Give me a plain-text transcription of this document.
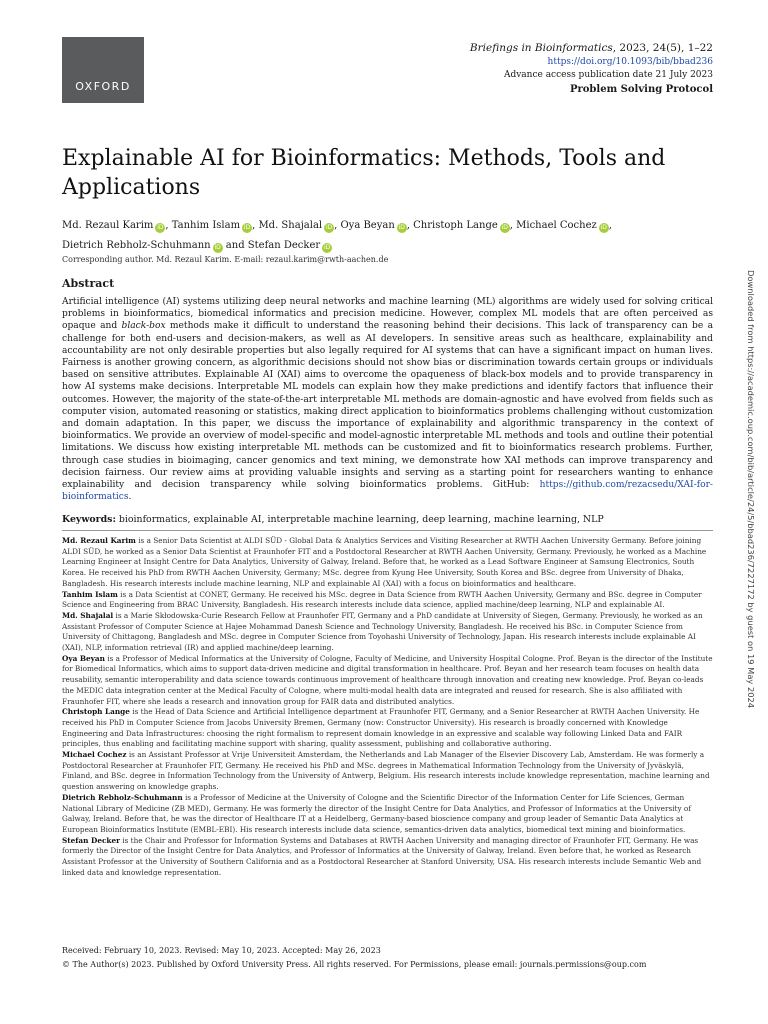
OXFORD
Briefings in Bioinformatics, 2023, 24(5), 1–22
https://doi.org/10.1093/bib/bbad236
Advance access publication date 21 July 2023
Problem Solving Protocol
Explainable AI for Bioinformatics: Methods, Tools and Applications
Md. Rezaul Karim iD , Tanhim Islam iD , Md. Shajalal iD , Oya Beyan iD , Christoph Lange iD , Michael Cochez iD ,
Dietrich Rebholz-Schuhmann iD and Stefan Decker iD
Corresponding author. Md. Rezaul Karim. E-mail: rezaul.karim@rwth-aachen.de
Abstract

Artificial intelligence (AI) systems utilizing deep neural networks and machine learning (ML) algorithms are widely used for solving critical problems in bioinformatics, biomedical informatics and precision medicine. However, complex ML models that are often perceived as opaque and black-box methods make it difficult to understand the reasoning behind their decisions. This lack of transparency can be a challenge for both end-users and decision-makers, as well as AI developers. In sensitive areas such as healthcare, explainability and accountability are not only desirable properties but also legally required for AI systems that can have a significant impact on human lives. Fairness is another growing concern, as algorithmic decisions should not show bias or discrimination towards certain groups or individuals based on sensitive attributes. Explainable AI (XAI) aims to overcome the opaqueness of black-box models and to provide transparency in how AI systems make decisions. Interpretable ML models can explain how they make predictions and identify factors that influence their outcomes. However, the majority of the state-of-the-art interpretable ML methods are domain-agnostic and have evolved from fields such as computer vision, automated reasoning or statistics, making direct application to bioinformatics problems challenging without customization and domain adaptation. In this paper, we discuss the importance of explainability and algorithmic transparency in the context of bioinformatics. We provide an overview of model-specific and model-agnostic interpretable ML methods and tools and outline their potential limitations. We discuss how existing interpretable ML methods can be customized and fit to bioinformatics research problems. Further, through case studies in bioimaging, cancer genomics and text mining, we demonstrate how XAI methods can improve transparency and decision fairness. Our review aims at providing valuable insights and serving as a starting point for researchers wanting to enhance explainability and decision transparency while solving bioinformatics problems. GitHub: https://github.com/rezacsedu/XAI-for-bioinformatics.

Keywords: bioinformatics, explainable AI, interpretable machine learning, deep learning, machine learning, NLP

Md. Rezaul Karim is a Senior Data Scientist at ALDI SÜD - Global Data & Analytics Services and Visiting Researcher at RWTH Aachen University Germany. Before joining ALDI SÜD, he worked as a Senior Data Scientist at Fraunhofer FIT and a Postdoctoral Researcher at RWTH Aachen University, Germany. Previously, he worked as a Machine Learning Engineer at Insight Centre for Data Analytics, University of Galway, Ireland. Before that, he worked as a Lead Software Engineer at Samsung Electronics, South Korea. He received his PhD from RWTH Aachen University, Germany; MSc. degree from Kyung Hee University, South Korea and BSc. degree from University of Dhaka, Bangladesh. His research interests include machine learning, NLP and explainable AI (XAI) with a focus on bioinformatics and healthcare.

Tanhim Islam is a Data Scientist at CONET, Germany. He received his MSc. degree in Data Science from RWTH Aachen University, Germany and BSc. degree in Computer Science and Engineering from BRAC University, Bangladesh. His research interests include data science, applied machine/deep learning, NLP and explainable AI.

Md. Shajalal is a Marie Skłodowska-Curie Research Fellow at Fraunhofer FIT, Germany and a PhD candidate at University of Siegen, Germany. Previously, he worked as an Assistant Professor of Computer Science at Hajee Mohammad Danesh Science and Technology University, Bangladesh. He received his BSc. in Computer Science from University of Chittagong, Bangladesh and MSc. degree in Computer Science from Toyohashi University of Technology, Japan. His research interests include explainable AI (XAI), NLP, information retrieval (IR) and applied machine/deep learning.

Oya Beyan is a Professor of Medical Informatics at the University of Cologne, Faculty of Medicine, and University Hospital Cologne. Prof. Beyan is the director of the Institute for Biomedical Informatics, which aims to support data-driven medicine and digital transformation in healthcare. Prof. Beyan and her research team focuses on health data reusability, semantic interoperability and data science towards continuous improvement of healthcare through innovation and creating new knowledge. Prof. Beyan co-leads the MEDIC data integration center at the Medical Faculty of Cologne, where multi-modal health data are integrated and reused for research. She is also affiliated with Fraunhofer FIT, where she leads a research and innovation group for FAIR data and distributed analytics.

Christoph Lange is the Head of Data Science and Artificial Intelligence department at Fraunhofer FIT, Germany, and a Senior Researcher at RWTH Aachen University. He received his PhD in Computer Science from Jacobs University Bremen, Germany (now: Constructor University). His research is broadly concerned with Knowledge Engineering and Data Infrastructures: choosing the right formalism to represent domain knowledge in an expressive and scalable way following Linked Data and FAIR principles, thus enabling and facilitating machine support with sharing, quality assessment, publishing and collaborative authoring.

Michael Cochez is an Assistant Professor at Vrije Universiteit Amsterdam, the Netherlands and Lab Manager of the Elsevier Discovery Lab, Amsterdam. He was formerly a Postdoctoral Researcher at Fraunhofer FIT, Germany. He received his PhD and MSc. degrees in Mathematical Information Technology from the University of Jyväskylä, Finland, and BSc. degree in Information Technology from the University of Antwerp, Belgium. His research interests include knowledge representation, machine learning and question answering on knowledge graphs.

Dietrich Rebholz-Schuhmann is a Professor of Medicine at the University of Cologne and the Scientific Director of the Information Center for Life Sciences, German National Library of Medicine (ZB MED), Germany. He was formerly the director of the Insight Centre for Data Analytics, and Professor of Informatics at the University of Galway, Ireland. Before that, he was the director of Healthcare IT at a Heidelberg, Germany-based bioscience company and group leader of Semantic Data Analytics at European Bioinformatics Institute (EMBL-EBI). His research interests include data science, semantics-driven data analytics, biomedical text mining and bioinformatics.

Stefan Decker is the Chair and Professor for Information Systems and Databases at RWTH Aachen University and managing director of Fraunhofer FIT, Germany. He was formerly the Director of the Insight Centre for Data Analytics, and Professor of Informatics at the University of Galway, Ireland. Even before that, he worked as Research Assistant Professor at the University of Southern California and as a Postdoctoral Researcher at Stanford University, USA. His research interests include Semantic Web and linked data and knowledge representation.

Received: February 10, 2023. Revised: May 10, 2023. Accepted: May 26, 2023
© The Author(s) 2023. Published by Oxford University Press. All rights reserved. For Permissions, please email: journals.permissions@oup.com
Downloaded from https://academic.oup.com/bib/article/24/5/bbad236/7227172 by guest on 19 May 2024
